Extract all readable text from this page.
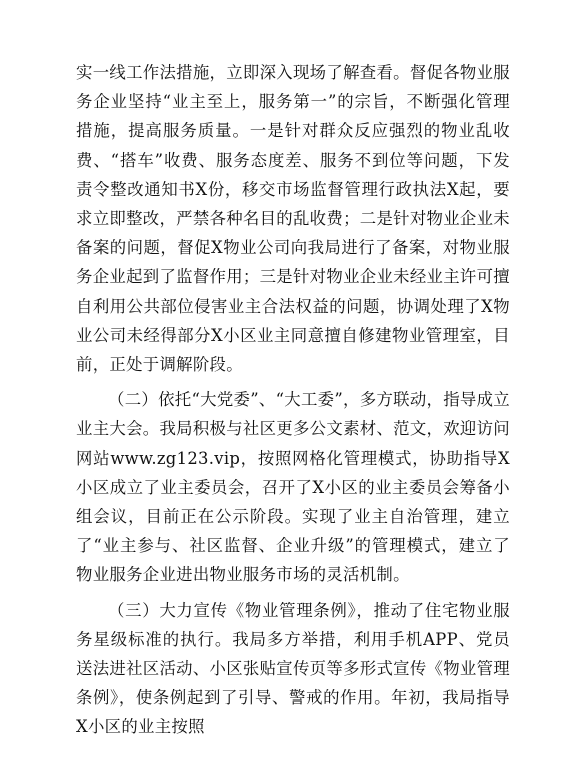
实一线工作法措施，立即深入现场了解查看。督促各物业服务企业坚持“业主至上，服务第一”的宗旨，不断强化管理措施，提高服务质量。一是针对群众反应强烈的物业乱收费、“搭车”收费、服务态度差、服务不到位等问题，下发责令整改通知书X份，移交市场监督管理行政执法X起，要求立即整改，严禁各种名目的乱收费；二是针对物业企业未备案的问题，督促X物业公司向我局进行了备案，对物业服务企业起到了监督作用；三是针对物业企业未经业主许可擅自利用公共部位侵害业主合法权益的问题，协调处理了X物业公司未经得部分X小区业主同意擅自修建物业管理室，目前，正处于调解阶段。

（二）依托“大党委”、“大工委”，多方联动，指导成立业主大会。我局积极与社区更多公文素材、范文，欢迎访问网站www.zg123.vip，按照网格化管理模式，协助指导X小区成立了业主委员会，召开了X小区的业主委员会筹备小组会议，目前正在公示阶段。实现了业主自治管理，建立了“业主参与、社区监督、企业升级”的管理模式，建立了物业服务企业进出物业服务市场的灵活机制。

（三）大力宣传《物业管理条例》，推动了住宅物业服务星级标准的执行。我局多方举措，利用手机APP、党员送法进社区活动、小区张贴宣传页等多形式宣传《物业管理条例》，使条例起到了引导、警戒的作用。年初，我局指导X小区的业主按照
